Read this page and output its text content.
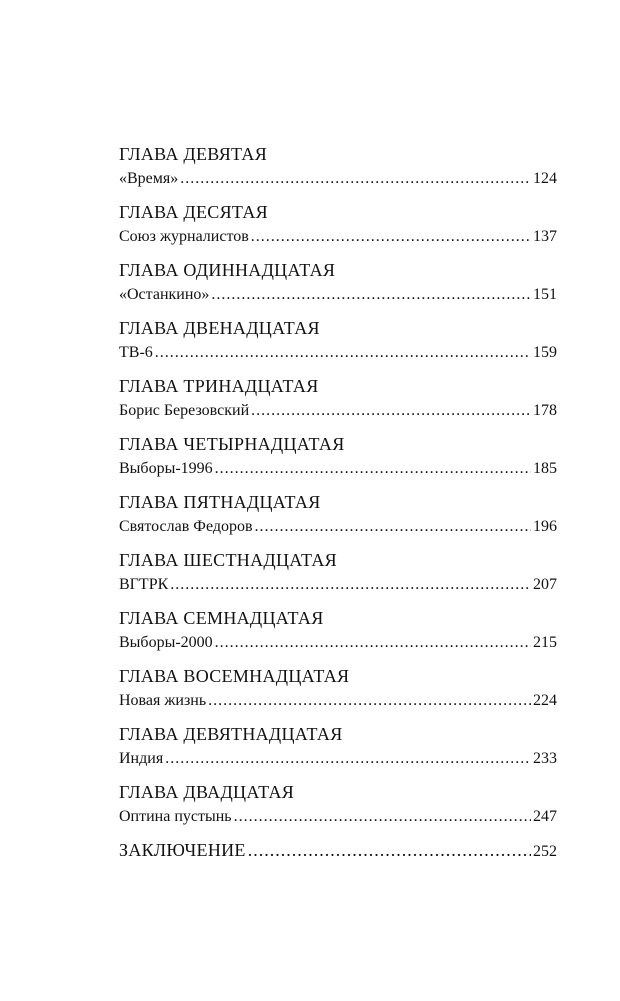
ГЛАВА ДЕВЯТАЯ
«Время» .....	124
ГЛАВА ДЕСЯТАЯ
Союз журналистов .....	137
ГЛАВА ОДИННАДЦАТАЯ
«Останкино» .....	151
ГЛАВА ДВЕНАДЦАТАЯ
ТВ-6 .....	159
ГЛАВА ТРИНАДЦАТАЯ
Борис Березовский .....	178
ГЛАВА ЧЕТЫРНАДЦАТАЯ
Выборы-1996 .....	185
ГЛАВА ПЯТНАДЦАТАЯ
Святослав Федоров .....	196
ГЛАВА ШЕСТНАДЦАТАЯ
ВГТРК .....	207
ГЛАВА СЕМНАДЦАТАЯ
Выборы-2000 .....	215
ГЛАВА ВОСЕМНАДЦАТАЯ
Новая жизнь .....	224
ГЛАВА ДЕВЯТНАДЦАТАЯ
Индия .....	233
ГЛАВА ДВАДЦАТАЯ
Оптина пустынь .....	247
ЗАКЛЮЧЕНИЕ .....	252
